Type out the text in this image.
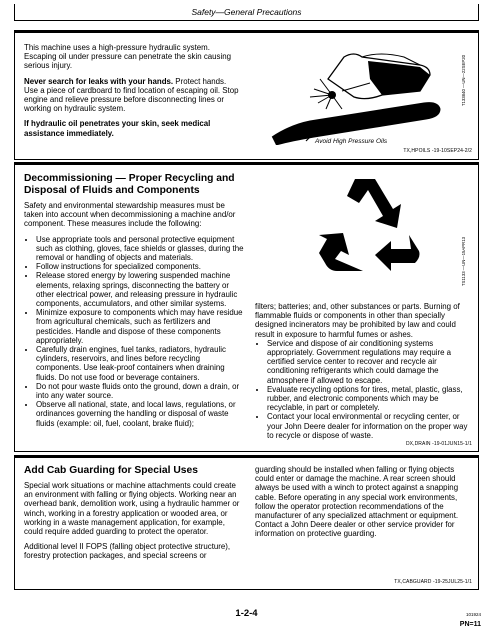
Safety—General Precautions

This machine uses a high-pressure hydraulic system. Escaping oil under pressure can penetrate the skin causing serious injury.

Never search for leaks with your hands. Protect hands. Use a piece of cardboard to find location of escaping oil. Stop engine and relieve pressure before disconnecting lines or working on hydraulic system.

If hydraulic oil penetrates your skin, seek medical assistance immediately.

Avoid High Pressure Oils
T133840 —UN—22SEP20
TX,HPOILS -19-10SEP24-2/2

Decommissioning — Proper Recycling and Disposal of Fluids and Components

Safety and environmental stewardship measures must be taken into account when decommissioning a machine and/or component. These measures include the following:

• Use appropriate tools and personal protective equipment such as clothing, gloves, face shields or glasses, during the removal or handling of objects and materials.
• Follow instructions for specialized components.
• Release stored energy by lowering suspended machine elements, relaxing springs, disconnecting the battery or other electrical power, and releasing pressure in hydraulic components, accumulators, and other similar systems.
• Minimize exposure to components which may have residue from agricultural chemicals, such as fertilizers and pesticides. Handle and dispose of these components appropriately.
• Carefully drain engines, fuel tanks, radiators, hydraulic cylinders, reservoirs, and lines before recycling components. Use leak-proof containers when draining fluids. Do not use food or beverage containers.
• Do not pour waste fluids onto the ground, down a drain, or into any water source.
• Observe all national, state, and local laws, regulations, or ordinances governing the handling or disposal of waste fluids (example: oil, fuel, coolant, brake fluid);
TS1133 —UN—15APR13

filters; batteries; and, other substances or parts. Burning of flammable fluids or components in other than specially designed incinerators may be prohibited by law and could result in exposure to harmful fumes or ashes.

• Service and dispose of air conditioning systems appropriately. Government regulations may require a certified service center to recover and recycle air conditioning refrigerants which could damage the atmosphere if allowed to escape.
• Evaluate recycling options for tires, metal, plastic, glass, rubber, and electronic components which may be recyclable, in part or completely.
• Contact your local environmental or recycling center, or your John Deere dealer for information on the proper way to recycle or dispose of waste.
DX,DRAIN -19-01JUN15-1/1

Add Cab Guarding for Special Uses

Special work situations or machine attachments could create an environment with falling or flying objects. Working near an overhead bank, demolition work, using a hydraulic hammer or winch, working in a forestry application or wooded area, or working in a waste management application, for example, could require added guarding to protect the operator.

Additional level II FOPS (falling object protective structure), forestry protection packages, and special screens or

guarding should be installed when falling or flying objects could enter or damage the machine. A rear screen should always be used with a winch to protect against a snapping cable. Before operating in any special work environments, follow the operator protection recommendations of the manufacturer of any specialized attachment or equipment. Contact a John Deere dealer or other service provider for information on protective guarding.

TX,CABGUARD -19-25JUL25-1/1
1-2-4	101924
PN=11
